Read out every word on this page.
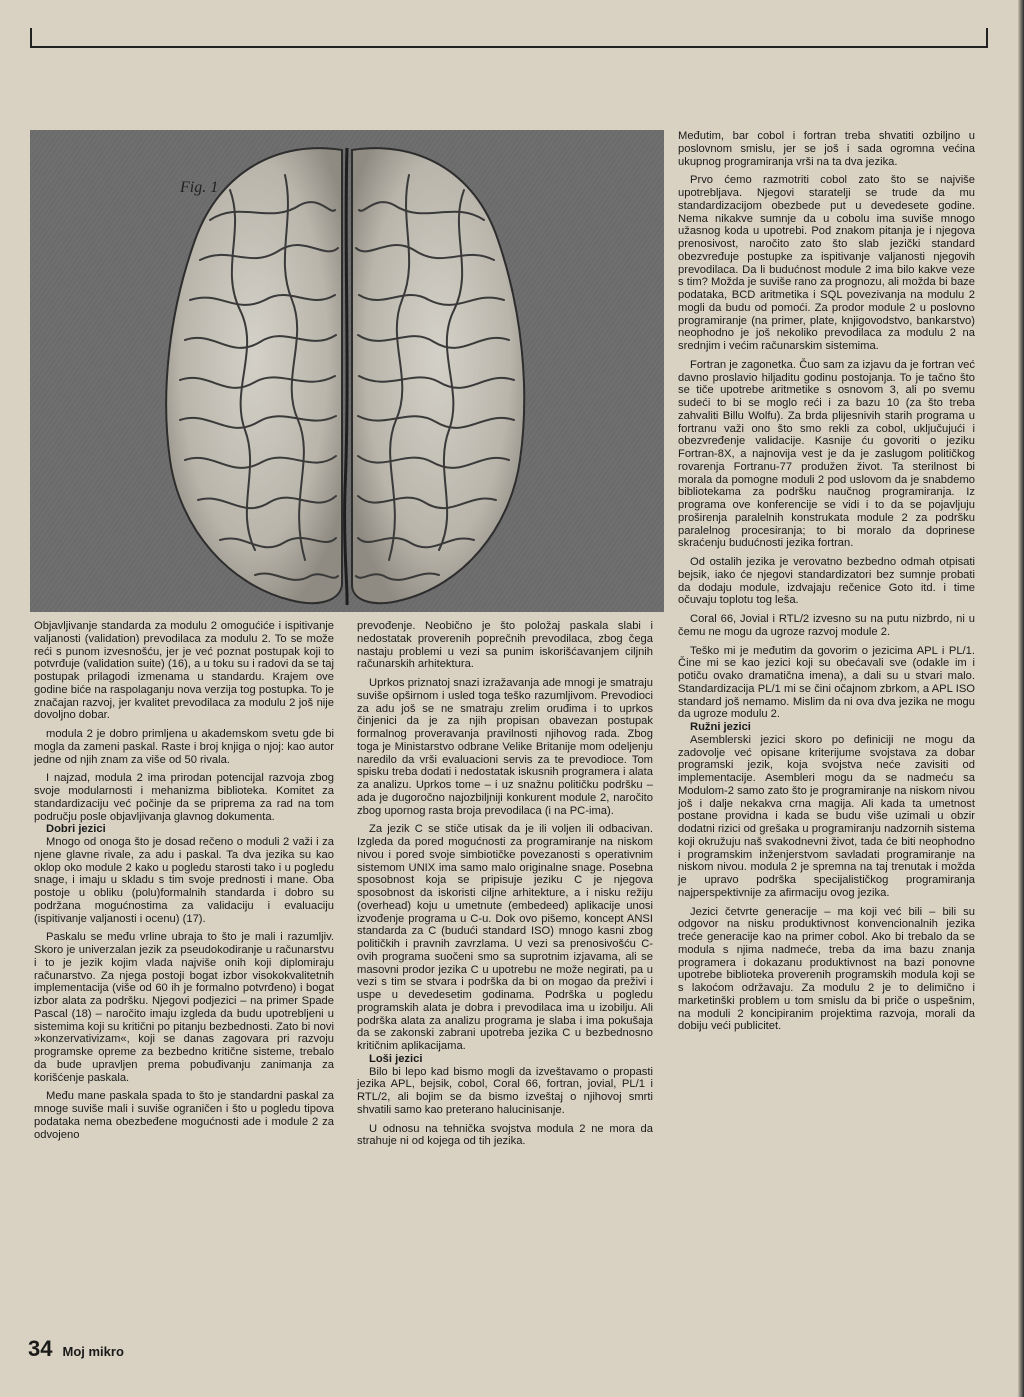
Fig. 1

Objavljivanje standarda za modulu 2 omogućiće i ispitivanje valjanosti (validation) prevodilaca za modulu 2. To se može reći s punom izvesnošću, jer je već poznat postupak koji to potvrđuje (validation suite) (16), a u toku su i radovi da se taj postupak prilagodi izmenama u standardu. Krajem ove godine biće na raspolaganju nova verzija tog postupka. To je značajan razvoj, jer kvalitet prevodilaca za modulu 2 još nije dovoljno dobar.

modula 2 je dobro primljena u akademskom svetu gde bi mogla da zameni paskal. Raste i broj knjiga o njoj: kao autor jedne od njih znam za više od 50 rivala.

I najzad, modula 2 ima prirodan potencijal razvoja zbog svoje modularnosti i mehanizma biblioteka. Komitet za standardizaciju već počinje da se priprema za rad na tom području posle objavljivanja glavnog dokumenta.

Dobri jezici

Mnogo od onoga što je dosad rečeno o moduli 2 važi i za njene glavne rivale, za adu i paskal. Ta dva jezika su kao oklop oko module 2 kako u pogledu starosti tako i u pogledu snage, i imaju u skladu s tim svoje prednosti i mane. Oba postoje u obliku (polu)formalnih standarda i dobro su podržana mogućnostima za validaciju i evaluaciju (ispitivanje valjanosti i ocenu) (17).

Paskalu se među vrline ubraja to što je mali i razumljiv. Skoro je univerzalan jezik za pseudokodiranje u računarstvu i to je jezik kojim vlada najviše onih koji diplomiraju računarstvo. Za njega postoji bogat izbor visokokvalitetnih implementacija (više od 60 ih je formalno potvrđeno) i bogat izbor alata za podršku. Njegovi podjezici – na primer Spade Pascal (18) – naročito imaju izgleda da budu upotrebljeni u sistemima koji su kritični po pitanju bezbednosti. Zato bi novi »konzervativizam«, koji se danas zagovara pri razvoju programske opreme za bezbedno kritične sisteme, trebalo da bude upravljen prema pobuđivanju zanimanja za korišćenje paskala.

Među mane paskala spada to što je standardni paskal za mnoge suviše mali i suviše ograničen i što u pogledu tipova podataka nema obezbeđene mogućnosti ade i module 2 za odvojeno

prevođenje. Neobično je što položaj paskala slabi i nedostatak proverenih poprečnih prevodilaca, zbog čega nastaju problemi u vezi sa punim iskorišćavanjem ciljnih računarskih arhitektura.

Uprkos priznatoj snazi izražavanja ade mnogi je smatraju suviše opširnom i usled toga teško razumljivom. Prevodioci za adu još se ne smatraju zrelim oruđima i to uprkos činjenici da je za njih propisan obavezan postupak formalnog proveravanja pravilnosti njihovog rada. Zbog toga je Ministarstvo odbrane Velike Britanije mom odeljenju naredilo da vrši evaluacioni servis za te prevodioce. Tom spisku treba dodati i nedostatak iskusnih programera i alata za analizu. Uprkos tome – i uz snažnu političku podršku – ada je dugoročno najozbiljniji konkurent module 2, naročito zbog upornog rasta broja prevodilaca (i na PC-ima).

Za jezik C se stiče utisak da je ili voljen ili odbacivan. Izgleda da pored mogućnosti za programiranje na niskom nivou i pored svoje simbiotičke povezanosti s operativnim sistemom UNIX ima samo malo originalne snage. Posebna sposobnost koja se pripisuje jeziku C je njegova sposobnost da iskoristi ciljne arhitekture, a i nisku režiju (overhead) koju u umetnute (embedeed) aplikacije unosi izvođenje programa u C-u. Dok ovo pišemo, koncept ANSI standarda za C (budući standard ISO) mnogo kasni zbog političkih i pravnih zavrzlama. U vezi sa prenosivošću C-ovih programa suočeni smo sa suprotnim izjavama, ali se masovni prodor jezika C u upotrebu ne može negirati, pa u vezi s tim se stvara i podrška da bi on mogao da preživi i uspe u devedesetim godinama. Podrška u pogledu programskih alata je dobra i prevodilaca ima u izobilju. Ali podrška alata za analizu programa je slaba i ima pokušaja da se zakonski zabrani upotreba jezika C u bezbednosno kritičnim aplikacijama.

Loši jezici

Bilo bi lepo kad bismo mogli da izveštavamo o propasti jezika APL, bejsik, cobol, Coral 66, fortran, jovial, PL/1 i RTL/2, ali bojim se da bismo izveštaj o njihovoj smrti shvatili samo kao preterano halucinisanje.

U odnosu na tehnička svojstva modula 2 ne mora da strahuje ni od kojega od tih jezika.

Međutim, bar cobol i fortran treba shvatiti ozbiljno u poslovnom smislu, jer se još i sada ogromna većina ukupnog programiranja vrši na ta dva jezika.

Prvo ćemo razmotriti cobol zato što se najviše upotrebljava. Njegovi staratelji se trude da mu standardizacijom obezbede put u devedesete godine. Nema nikakve sumnje da u cobolu ima suviše mnogo užasnog koda u upotrebi. Pod znakom pitanja je i njegova prenosivost, naročito zato što slab jezički standard obezvređuje postupke za ispitivanje valjanosti njegovih prevodilaca. Da li budućnost module 2 ima bilo kakve veze s tim? Možda je suviše rano za prognozu, ali možda bi baze podataka, BCD aritmetika i SQL povezivanja na modulu 2 mogli da budu od pomoći. Za prodor module 2 u poslovno programiranje (na primer, plate, knjigovodstvo, bankarstvo) neophodno je još nekoliko prevodilaca za modulu 2 na srednjim i većim računarskim sistemima.

Fortran je zagonetka. Čuo sam za izjavu da je fortran već davno proslavio hiljaditu godinu postojanja. To je tačno što se tiče upotrebe aritmetike s osnovom 3, ali po svemu sudeći to bi se moglo reći i za bazu 10 (za što treba zahvaliti Billu Wolfu). Za brda plijesnivih starih programa u fortranu važi ono što smo rekli za cobol, uključujući i obezvređenje validacije. Kasnije ću govoriti o jeziku Fortran-8X, a najnovija vest je da je zaslugom političkog rovarenja Fortranu-77 produžen život. Ta sterilnost bi morala da pomogne moduli 2 pod uslovom da je snabdemo bibliotekama za podršku naučnog programiranja. Iz programa ove konferencije se vidi i to da se pojavljuju proširenja paralelnih konstrukata module 2 za podršku paralelnog procesiranja; to bi moralo da doprinese skraćenju budućnosti jezika fortran.

Od ostalih jezika je verovatno bezbedno odmah otpisati bejsik, iako će njegovi standardizatori bez sumnje probati da dodaju module, izdvajaju rečenice Goto itd. i time očuvaju toplotu tog leša.

Coral 66, Jovial i RTL/2 izvesno su na putu nizbrdo, ni u čemu ne mogu da ugroze razvoj module 2.

Teško mi je međutim da govorim o jezicima APL i PL/1. Čine mi se kao jezici koji su obećavali sve (odakle im i potiču ovako dramatična imena), a dali su u stvari malo. Standardizacija PL/1 mi se čini očajnom zbrkom, a APL ISO standard još nemamo. Mislim da ni ova dva jezika ne mogu da ugroze modulu 2.

Ružni jezici

Asemblerski jezici skoro po definiciji ne mogu da zadovolje već opisane kriterijume svojstava za dobar programski jezik, koja svojstva neće zavisiti od implementacije. Asembleri mogu da se nadmeću sa Modulom-2 samo zato što je programiranje na niskom nivou još i dalje nekakva crna magija. Ali kada ta umetnost postane providna i kada se budu više uzimali u obzir dodatni rizici od grešaka u programiranju nadzornih sistema koji okružuju naš svakodnevni život, tada će biti neophodno i programskim inženjerstvom savladati programiranje na niskom nivou. modula 2 je spremna na taj trenutak i možda je upravo podrška specijalističkog programiranja najperspektivnije za afirmaciju ovog jezika.

Jezici četvrte generacije – ma koji već bili – bili su odgovor na nisku produktivnost konvencionalnih jezika treće generacije kao na primer cobol. Ako bi trebalo da se modula s njima nadmeće, treba da ima bazu znanja programera i dokazanu produktivnost na bazi ponovne upotrebe biblioteka proverenih programskih modula koji se s lakoćom održavaju. Za modulu 2 je to delimično i marketinški problem u tom smislu da bi priče o uspešnim, na moduli 2 koncipiranim projektima razvoja, morali da dobiju veći publicitet.

34 Moj mikro
